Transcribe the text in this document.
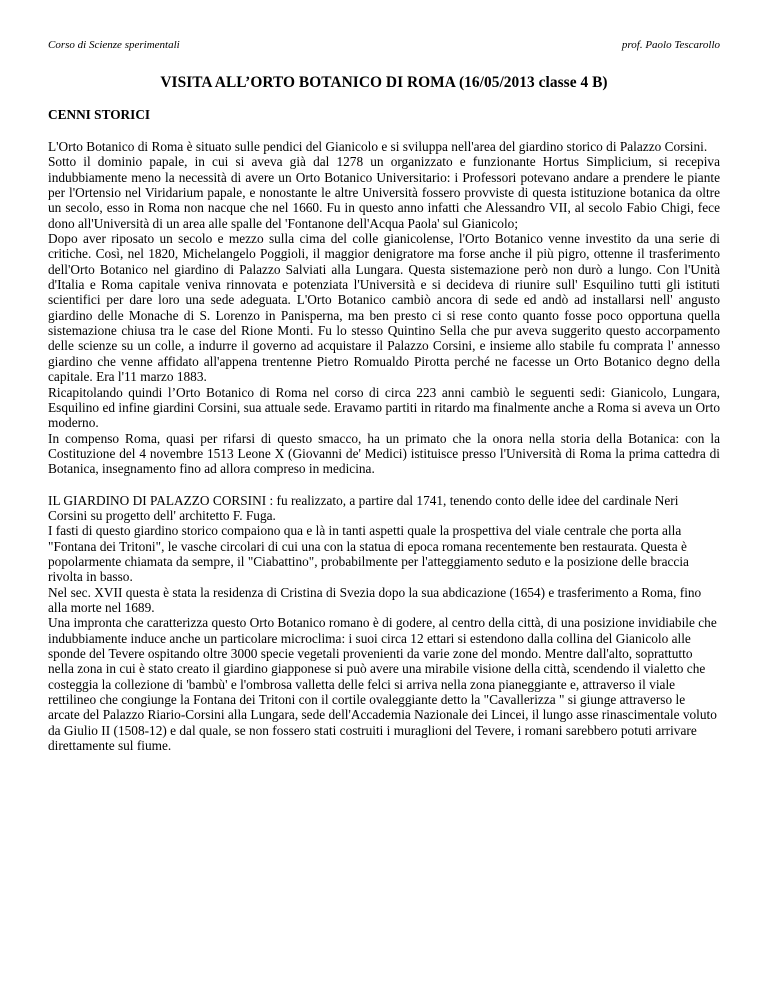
Corso di Scienze sperimentali	prof. Paolo Tescarollo
VISITA ALL’ORTO BOTANICO DI ROMA (16/05/2013 classe 4 B)
CENNI STORICI

L'Orto Botanico di Roma è situato sulle pendici del Gianicolo e si sviluppa nell'area del giardino storico di Palazzo Corsini.

Sotto il dominio papale, in cui si aveva già dal 1278 un organizzato e funzionante Hortus Simplicium, si recepiva indubbiamente meno la necessità di avere un Orto Botanico Universitario: i Professori potevano andare a prendere le piante per l'Ortensio nel Viridarium papale, e nonostante le altre Università fossero provviste di questa istituzione botanica da oltre un secolo, esso in Roma non nacque che nel 1660. Fu in questo anno infatti che Alessandro VII, al secolo Fabio Chigi, fece dono all'Università di un area alle spalle del 'Fontanone dell'Acqua Paola' sul Gianicolo;

Dopo aver riposato un secolo e mezzo sulla cima del colle gianicolense, l'Orto Botanico venne investito da una serie di critiche. Così, nel 1820, Michelangelo Poggioli, il maggior denigratore ma forse anche il più pigro, ottenne il trasferimento dell'Orto Botanico nel giardino di Palazzo Salviati alla Lungara. Questa sistemazione però non durò a lungo. Con l'Unità d'Italia e Roma capitale veniva rinnovata e potenziata l'Università e si decideva di riunire sull' Esquilino tutti gli istituti scientifici per dare loro una sede adeguata. L'Orto Botanico cambiò ancora di sede ed andò ad installarsi nell' angusto giardino delle Monache di S. Lorenzo in Panisperna, ma ben presto ci si rese conto quanto fosse poco opportuna quella sistemazione chiusa tra le case del Rione Monti. Fu lo stesso Quintino Sella che pur aveva suggerito questo accorpamento delle scienze su un colle, a indurre il governo ad acquistare il Palazzo Corsini, e insieme allo stabile fu comprata l' annesso giardino che venne affidato all'appena trentenne Pietro Romualdo Pirotta perché ne facesse un Orto Botanico degno della capitale. Era l'11 marzo 1883.

Ricapitolando quindi l’Orto Botanico di Roma nel corso di circa 223 anni cambiò le seguenti sedi: Gianicolo, Lungara, Esquilino ed infine giardini Corsini, sua attuale sede. Eravamo partiti in ritardo ma finalmente anche a Roma si aveva un Orto moderno.

In compenso Roma, quasi per rifarsi di questo smacco, ha un primato che la onora nella storia della Botanica: con la Costituzione del 4 novembre 1513 Leone X (Giovanni de' Medici) istituisce presso l'Università di Roma la prima cattedra di Botanica, insegnamento fino ad allora compreso in medicina.

IL GIARDINO DI PALAZZO CORSINI : fu realizzato, a partire dal 1741, tenendo conto delle idee del cardinale Neri Corsini su progetto dell' architetto F. Fuga.

I fasti di questo giardino storico compaiono qua e là in tanti aspetti quale la prospettiva del viale centrale che porta alla "Fontana dei Tritoni", le vasche circolari di cui una con la statua di epoca romana recentemente ben restaurata. Questa è popolarmente chiamata da sempre, il "Ciabattino", probabilmente per l'atteggiamento seduto e la posizione delle braccia rivolta in basso.

Nel sec. XVII questa è stata la residenza di Cristina di Svezia dopo la sua abdicazione (1654) e trasferimento a Roma, fino alla morte nel 1689.

Una impronta che caratterizza questo Orto Botanico romano è di godere, al centro della città, di una posizione invidiabile che indubbiamente induce anche un particolare microclima: i suoi circa 12 ettari si estendono dalla collina del Gianicolo alle sponde del Tevere ospitando oltre 3000 specie vegetali provenienti da varie zone del mondo. Mentre dall'alto, soprattutto nella zona in cui è stato creato il giardino giapponese si può avere una mirabile visione della città, scendendo il vialetto che costeggia la collezione di 'bambù' e l'ombrosa valletta delle felci si arriva nella zona pianeggiante e, attraverso il viale rettilineo che congiunge la Fontana dei Tritoni con il cortile ovaleggiante detto la "Cavallerizza " si giunge attraverso le arcate del Palazzo Riario-Corsini alla Lungara, sede dell'Accademia Nazionale dei Lincei, il lungo asse rinascimentale voluto da Giulio II (1508-12) e dal quale, se non fossero stati costruiti i muraglioni del Tevere, i romani sarebbero potuti arrivare direttamente sul fiume.
